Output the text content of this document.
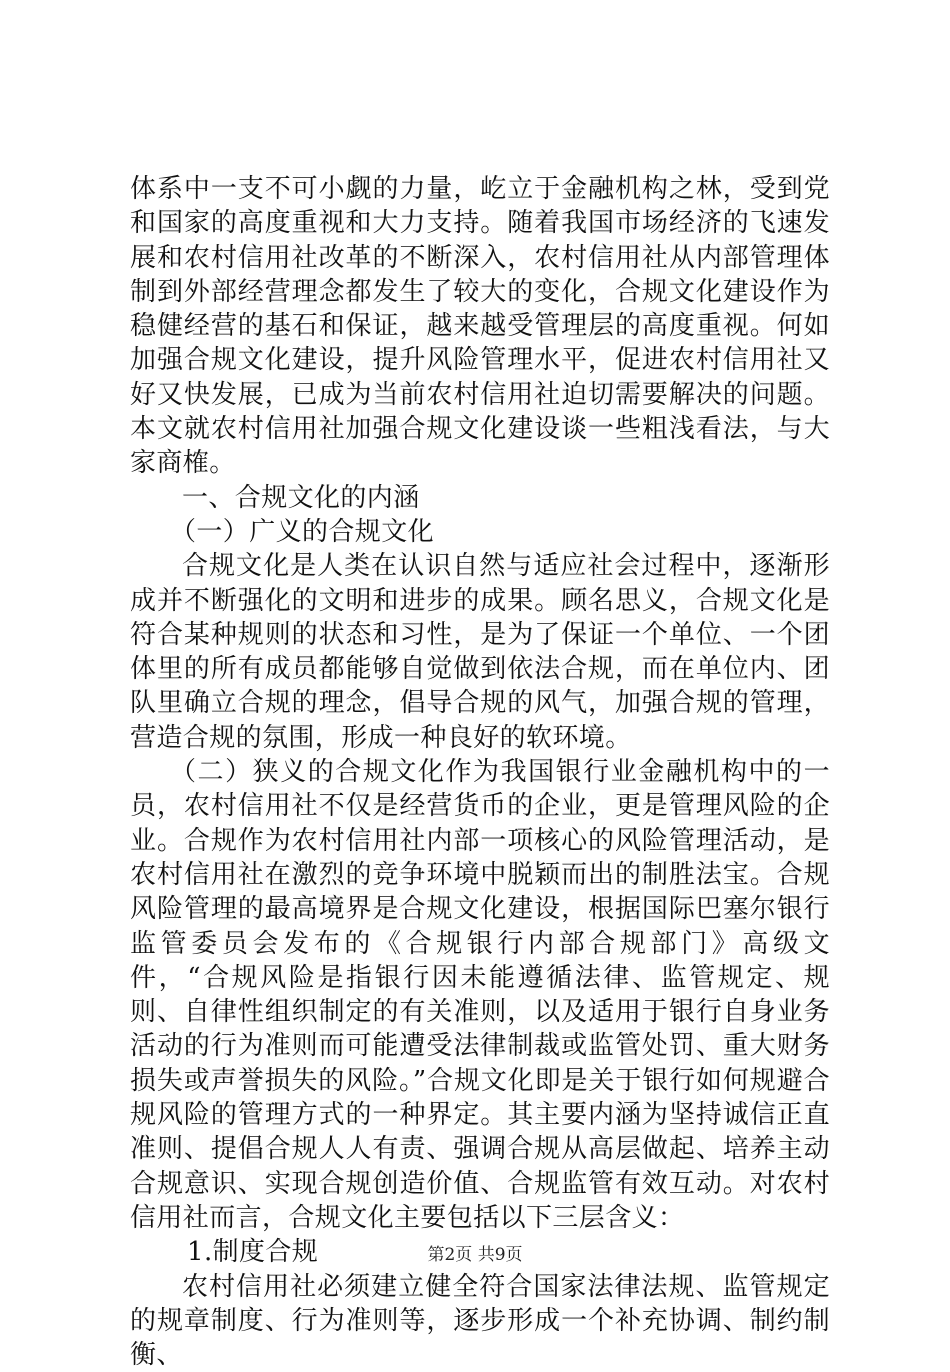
体系中一支不可小觑的力量，屹立于金融机构之林，受到党和国家的高度重视和大力支持。随着我国市场经济的飞速发展和农村信用社改革的不断深入，农村信用社从内部管理体制到外部经营理念都发生了较大的变化，合规文化建设作为稳健经营的基石和保证，越来越受管理层的高度重视。何如加强合规文化建设，提升风险管理水平，促进农村信用社又好又快发展，已成为当前农村信用社迫切需要解决的问题。本文就农村信用社加强合规文化建设谈一些粗浅看法，与大家商榷。

一、合规文化的内涵

（一）广义的合规文化

合规文化是人类在认识自然与适应社会过程中，逐渐形成并不断强化的文明和进步的成果。顾名思义，合规文化是符合某种规则的状态和习性，是为了保证一个单位、一个团体里的所有成员都能够自觉做到依法合规，而在单位内、团队里确立合规的理念，倡导合规的风气，加强合规的管理，营造合规的氛围，形成一种良好的软环境。

（二）狭义的合规文化作为我国银行业金融机构中的一员，农村信用社不仅是经营货币的企业，更是管理风险的企业。合规作为农村信用社内部一项核心的风险管理活动，是农村信用社在激烈的竞争环境中脱颖而出的制胜法宝。合规风险管理的最高境界是合规文化建设，根据国际巴塞尔银行监管委员会发布的《合规银行内部合规部门》高级文件，“合规风险是指银行因未能遵循法律、监管规定、规则、自律性组织制定的有关准则，以及适用于银行自身业务活动的行为准则而可能遭受法律制裁或监管处罚、重大财务损失或声誉损失的风险。”合规文化即是关于银行如何规避合规风险的管理方式的一种界定。其主要内涵为坚持诚信正直准则、提倡合规人人有责、强调合规从高层做起、培养主动合规意识、实现合规创造价值、合规监管有效互动。对农村信用社而言，合规文化主要包括以下三层含义：

1.制度合规

农村信用社必须建立健全符合国家法律法规、监管规定的规章制度、行为准则等，逐步形成一个补充协调、制约制衡、

第2页 共9页
